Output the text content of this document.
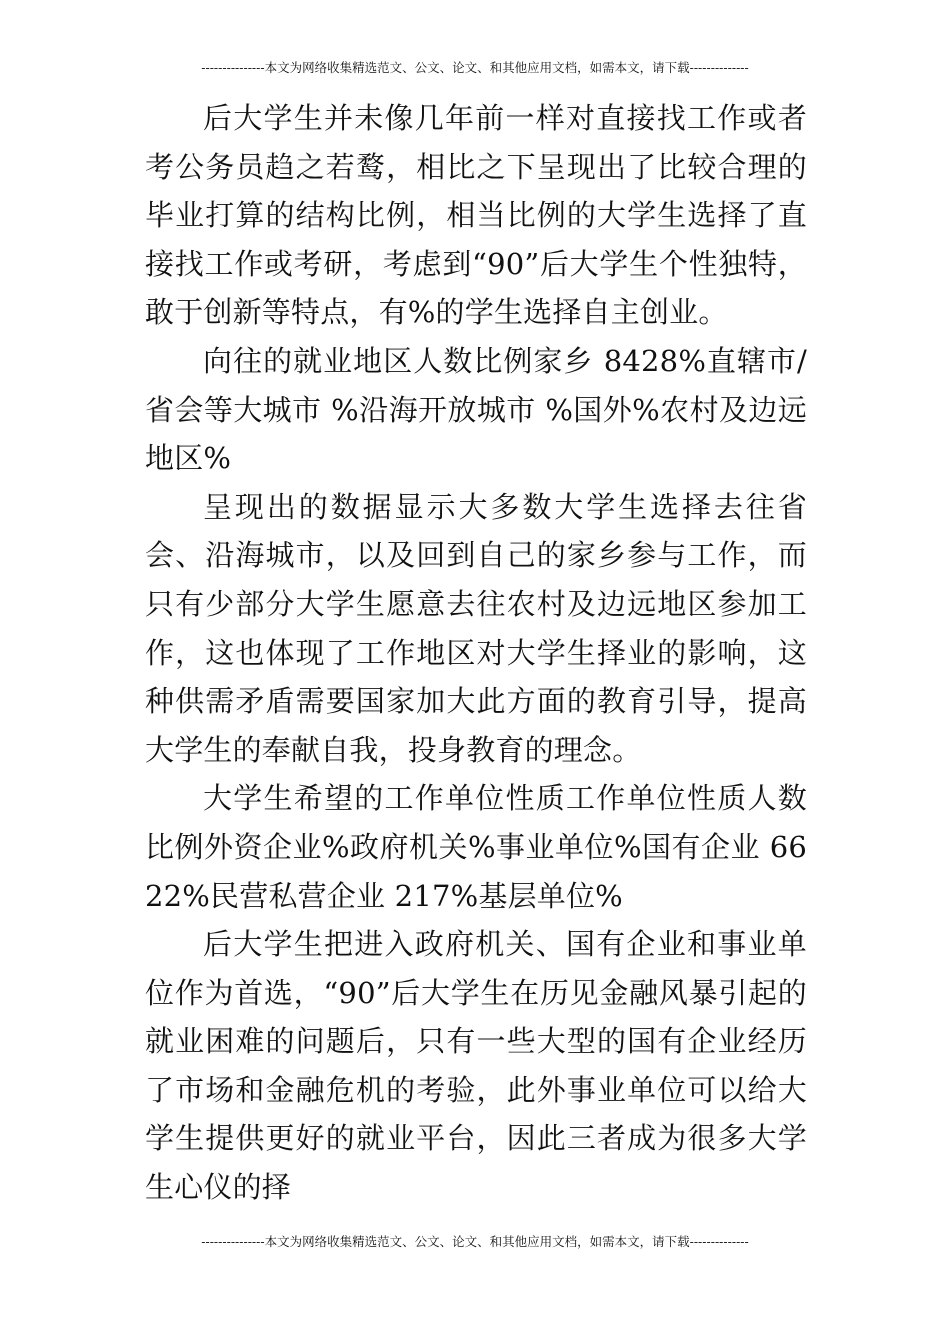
---------------本文为网络收集精选范文、公文、论文、和其他应用文档，如需本文，请下载--------------

后大学生并未像几年前一样对直接找工作或者考公务员趋之若鹜，相比之下呈现出了比较合理的毕业打算的结构比例，相当比例的大学生选择了直接找工作或考研，考虑到“90”后大学生个性独特，敢于创新等特点，有%的学生选择自主创业。

向往的就业地区人数比例家乡 8428%直辖市/省会等大城市 %沿海开放城市 %国外%农村及边远地区%

呈现出的数据显示大多数大学生选择去往省会、沿海城市，以及回到自己的家乡参与工作，而只有少部分大学生愿意去往农村及边远地区参加工作，这也体现了工作地区对大学生择业的影响，这种供需矛盾需要国家加大此方面的教育引导，提高大学生的奉献自我，投身教育的理念。

大学生希望的工作单位性质工作单位性质人数比例外资企业%政府机关%事业单位%国有企业 6622%民营私营企业 217%基层单位%

后大学生把进入政府机关、国有企业和事业单位作为首选，“90”后大学生在历见金融风暴引起的就业困难的问题后，只有一些大型的国有企业经历了市场和金融危机的考验，此外事业单位可以给大学生提供更好的就业平台，因此三者成为很多大学生心仪的择

---------------本文为网络收集精选范文、公文、论文、和其他应用文档，如需本文，请下载--------------
